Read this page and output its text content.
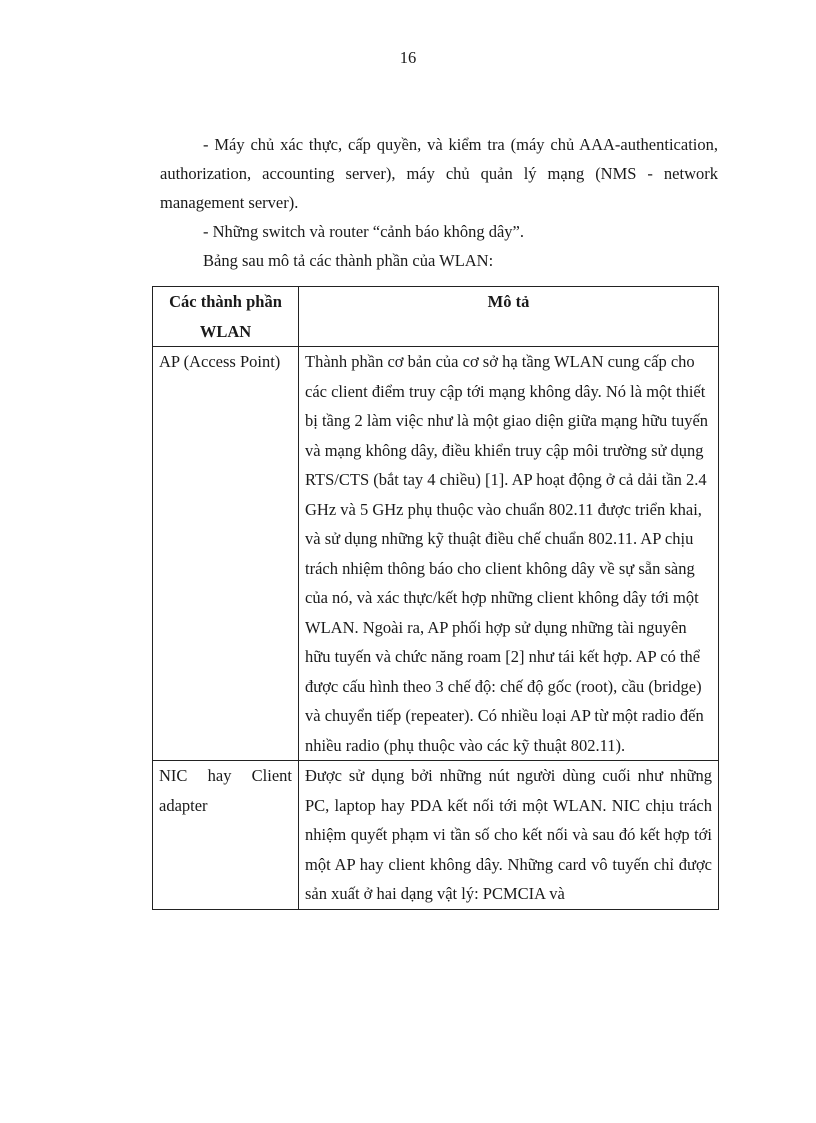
16

- Máy chủ xác thực, cấp quyền, và kiểm tra (máy chủ AAA-authentication, authorization, accounting server), máy chủ quản lý mạng (NMS - network management server).

- Những switch và router “cảnh báo không dây”.

Bảng sau mô tả các thành phần của WLAN:

Các thành phần WLAN	Mô tả
AP (Access Point)	Thành phần cơ bản của cơ sở hạ tầng WLAN cung cấp cho các client điểm truy cập tới mạng không dây. Nó là một thiết bị tầng 2 làm việc như là một giao diện giữa mạng hữu tuyến và mạng không dây, điều khiển truy cập môi trường sử dụng RTS/CTS (bắt tay 4 chiều) [1]. AP hoạt động ở cả dải tần 2.4 GHz và 5 GHz phụ thuộc vào chuẩn 802.11 được triển khai, và sử dụng những kỹ thuật điều chế chuẩn 802.11. AP chịu trách nhiệm thông báo cho client không dây về sự sẵn sàng của nó, và xác thực/kết hợp những client không dây tới một WLAN. Ngoài ra, AP phối hợp sử dụng những tài nguyên hữu tuyến và chức năng roam [2] như tái kết hợp. AP có thể được cấu hình theo 3 chế độ: chế độ gốc (root), cầu (bridge) và chuyển tiếp (repeater). Có nhiều loại AP từ một radio đến nhiều radio (phụ thuộc vào các kỹ thuật 802.11).
NIC hay Client adapter	Được sử dụng bởi những nút người dùng cuối như những PC, laptop hay PDA kết nối tới một WLAN. NIC chịu trách nhiệm quyết phạm vi tần số cho kết nối và sau đó kết hợp tới một AP hay client không dây. Những card vô tuyến chỉ được sản xuất ở hai dạng vật lý: PCMCIA và
